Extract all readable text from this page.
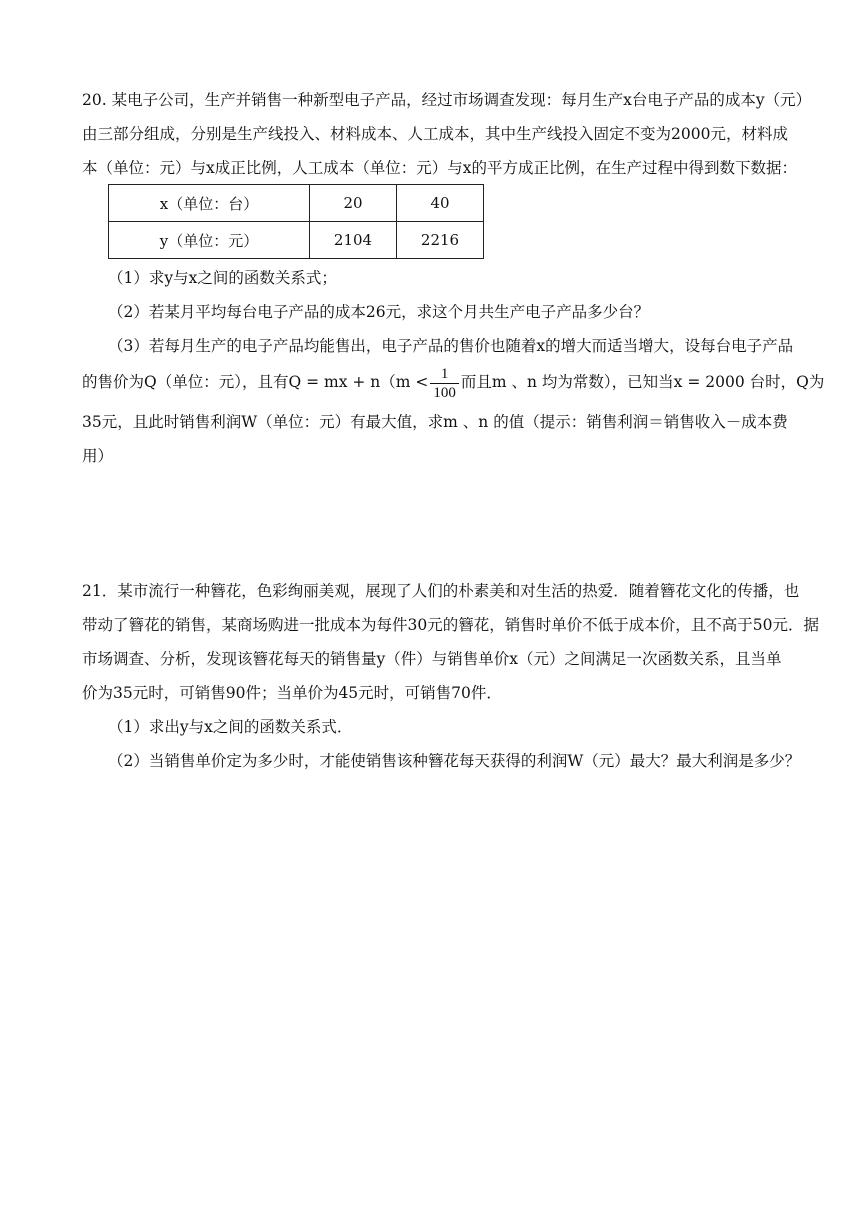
20. 某电子公司，生产并销售一种新型电子产品，经过市场调查发现：每月生产x台电子产品的成本y（元）
由三部分组成，分别是生产线投入、材料成本、人工成本，其中生产线投入固定不变为2000元，材料成
本（单位：元）与x成正比例，人工成本（单位：元）与x的平方成正比例，在生产过程中得到数下数据：
x（单位：台）	20	40
y（单位：元）	2104	2216
（1）求y与x之间的函数关系式；
（2）若某月平均每台电子产品的成本26元，求这个月共生产电子产品多少台？
（3）若每月生产的电子产品均能售出，电子产品的售价也随着x的增大而适当增大，设每台电子产品
的售价为Q（单位：元），且有Q = mx + $n(m < \frac{1}{100}$ 而且m 、n 均为常数），已知当x = 2000 台时，Q为
35元，且此时销售利润W（单位：元）有最大值，求m 、n 的值（提示：销售利润＝销售收入－成本费
用）
21．某市流行一种簪花，色彩绚丽美观，展现了人们的朴素美和对生活的热爱．随着簪花文化的传播，也
带动了簪花的销售，某商场购进一批成本为每件30元的簪花，销售时单价不低于成本价，且不高于50元．据
市场调查、分析，发现该簪花每天的销售量y（件）与销售单价x（元）之间满足一次函数关系，且当单
价为35元时，可销售90件；当单价为45元时，可销售70件．
（1）求出y与x之间的函数关系式．
（2）当销售单价定为多少时，才能使销售该种簪花每天获得的利润W（元）最大？最大利润是多少？
